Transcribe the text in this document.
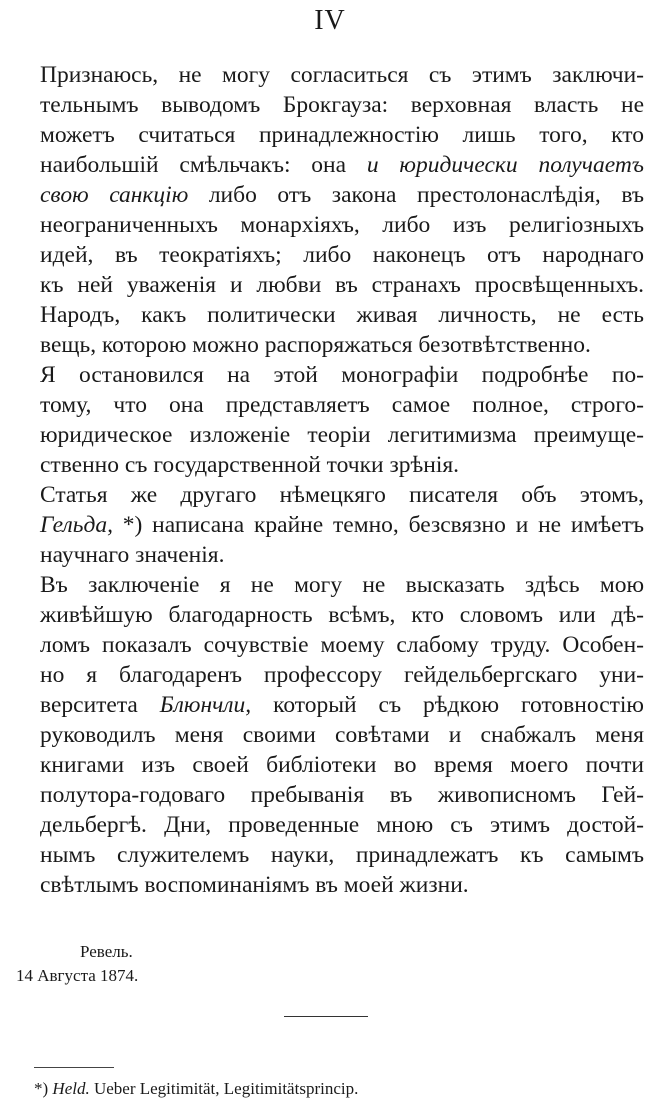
IV
Признаюсь, не могу согласиться съ этимъ заключи-
тельнымъ выводомъ Брокгауза: верховная власть не
можетъ считаться принадлежностію лишь того, кто
наибольшій смѣльчакъ: она и юридически получаетъ
свою санкцію либо отъ закона престолонаслѣдія, въ
неограниченныхъ монархіяхъ, либо изъ религіозныхъ
идей, въ теократіяхъ; либо наконецъ отъ народнаго
къ ней уваженія и любви въ странахъ просвѣщенныхъ.
Народъ, какъ политически живая личность, не есть
вещь, которою можно распоряжаться безотвѣтственно.
Я остановился на этой монографіи подробнѣе по-
тому, что она представляетъ самое полное, строго-
юридическое изложеніе теоріи легитимизма преимуще-
ственно съ государственной точки зрѣнія.
Статья же другаго нѣмецкяго писателя объ этомъ,
Гельда, *) написана крайне темно, безсвязно и не имѣетъ
научнаго значенія.
Въ заключеніе я не могу не высказать здѣсь мою
живѣйшую благодарность всѣмъ, кто словомъ или дѣ-
ломъ показалъ сочувствіе моему слабому труду. Особен-
но я благодаренъ профессору гейдельбергскаго уни-
верситета Блюнчли, который съ рѣдкою готовностію
руководилъ меня своими совѣтами и снабжалъ меня
книгами изъ своей библіотеки во время моего почти
полутора-годоваго пребыванія въ живописномъ Гей-
дельбергѣ. Дни, проведенные мною съ этимъ достой-
нымъ служителемъ науки, принадлежатъ къ самымъ
свѣтлымъ воспоминаніямъ въ моей жизни.
Ревель.
14 Августа 1874.
*) Held. Ueber Legitimität, Legitimitätsprincip.
